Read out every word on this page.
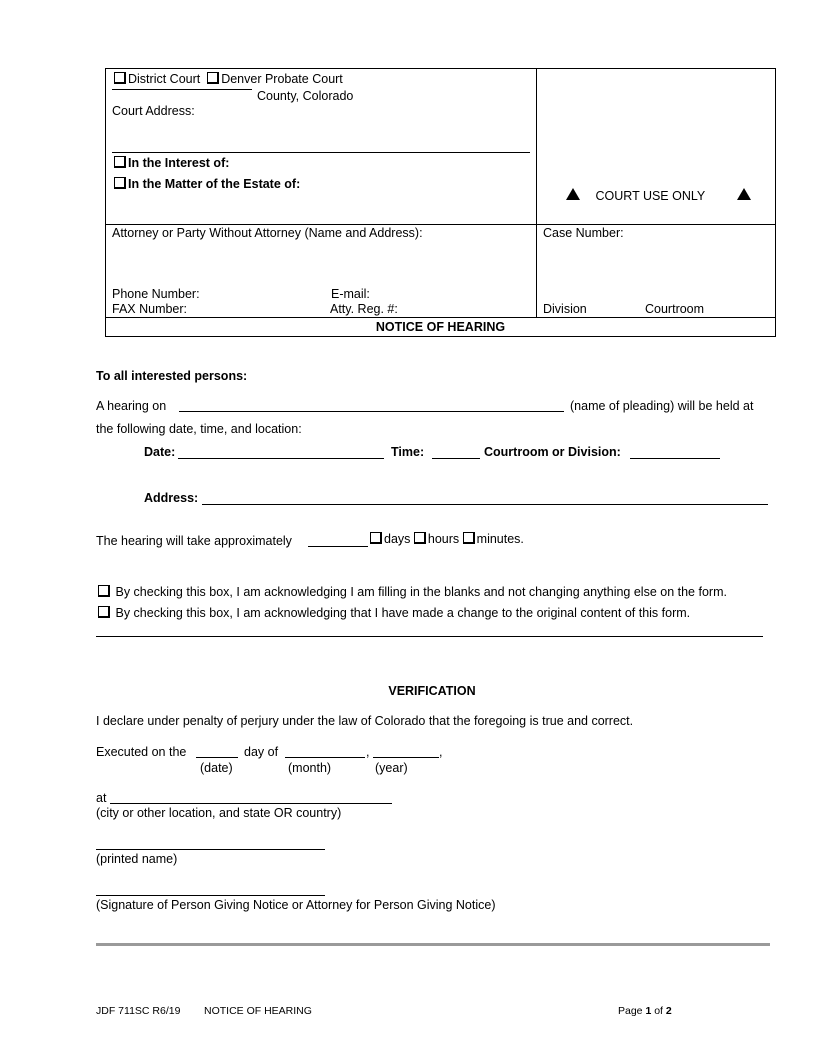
District Court Denver Probate Court
County, Colorado
Court Address:
In the Interest of:
In the Matter of the Estate of:
COURT USE ONLY
Attorney or Party Without Attorney (Name and Address):	Case Number:
Phone Number:	E-mail:
FAX Number:	Atty. Reg. #:	Division	Courtroom
NOTICE OF HEARING
To all interested persons:
A hearing on	(name of pleading) will be held at
the following date, time, and location:
Date:	Time:	Courtroom or Division:
Address:
The hearing will take approximately	days hours minutes.
By checking this box, I am acknowledging I am filling in the blanks and not changing anything else on the form.
By checking this box, I am acknowledging that I have made a change to the original content of this form.
VERIFICATION
I declare under penalty of perjury under the law of Colorado that the foregoing is true and correct.
Executed on the	day of	,	,
(date)	(month)	(year)
at
(city or other location, and state OR country)
(printed name)
(Signature of Person Giving Notice or Attorney for Person Giving Notice)
JDF 711SC R6/19 NOTICE OF HEARING	Page 1 of 2
